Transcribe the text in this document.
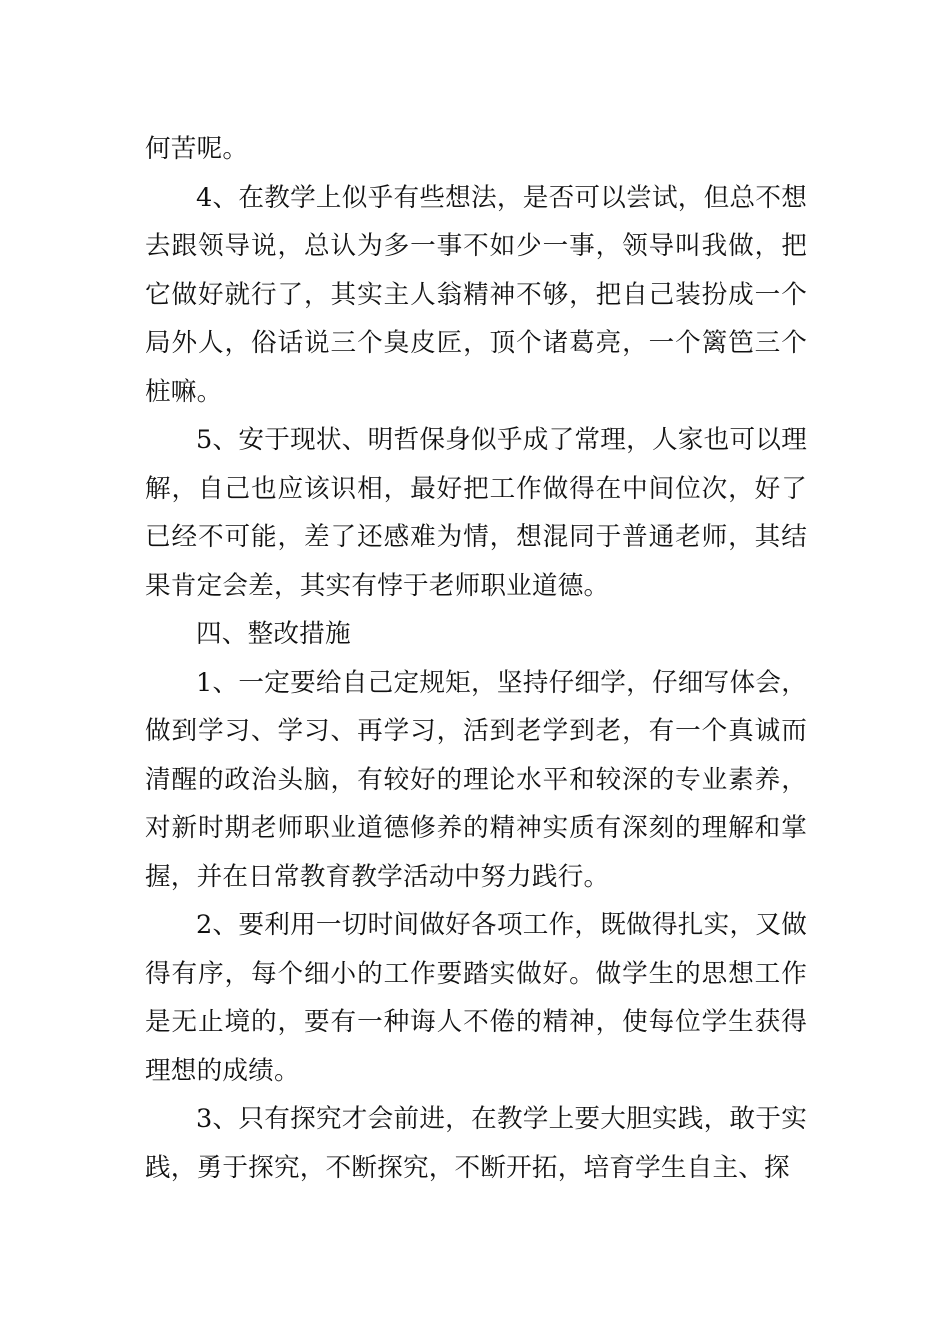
何苦呢。

4、在教学上似乎有些想法，是否可以尝试，但总不想去跟领导说，总认为多一事不如少一事，领导叫我做，把它做好就行了，其实主人翁精神不够，把自己装扮成一个局外人，俗话说三个臭皮匠，顶个诸葛亮，一个篱笆三个桩嘛。

5、安于现状、明哲保身似乎成了常理，人家也可以理解，自己也应该识相，最好把工作做得在中间位次，好了已经不可能，差了还感难为情，想混同于普通老师，其结果肯定会差，其实有悖于老师职业道德。

四、整改措施

1、一定要给自己定规矩，坚持仔细学，仔细写体会，做到学习、学习、再学习，活到老学到老，有一个真诚而清醒的政治头脑，有较好的理论水平和较深的专业素养，对新时期老师职业道德修养的精神实质有深刻的理解和掌握，并在日常教育教学活动中努力践行。

2、要利用一切时间做好各项工作，既做得扎实，又做得有序，每个细小的工作要踏实做好。做学生的思想工作是无止境的，要有一种诲人不倦的精神，使每位学生获得理想的成绩。

3、只有探究才会前进，在教学上要大胆实践，敢于实践，勇于探究，不断探究，不断开拓，培育学生自主、探
